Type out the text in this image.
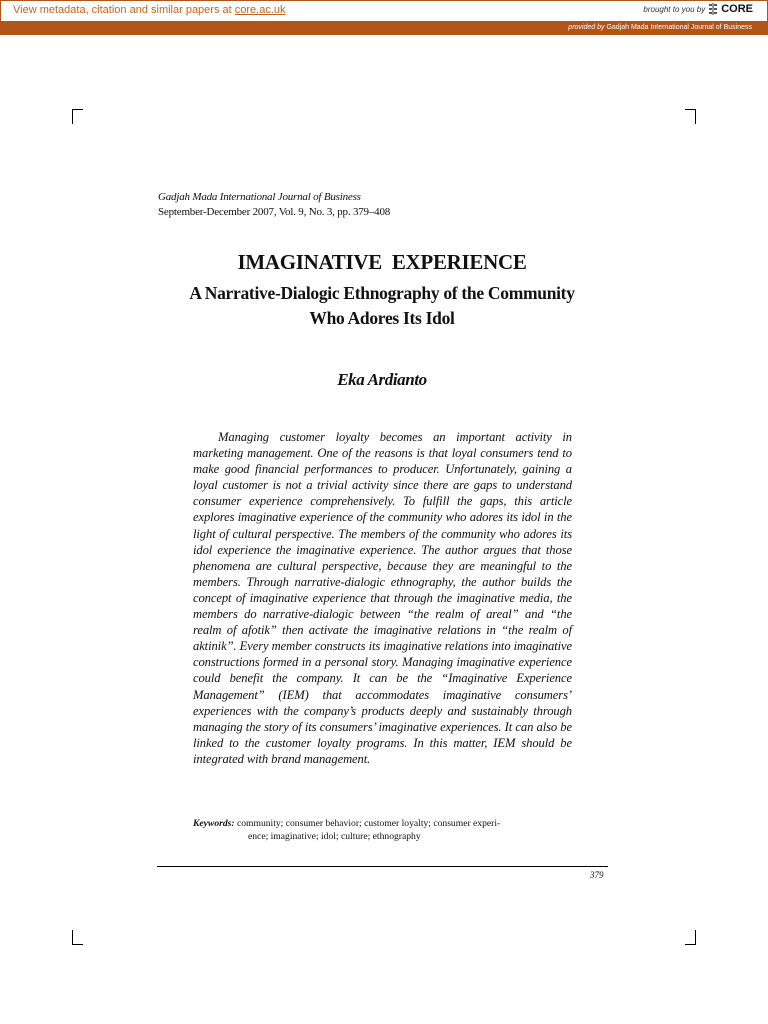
View metadata, citation and similar papers at core.ac.uk	brought to you by CORE
provided by Gadjah Mada International Journal of Business
Gadjah Mada International Journal of Business
September-December 2007, Vol. 9, No. 3, pp. 379–408
IMAGINATIVE  EXPERIENCE
A Narrative-Dialogic Ethnography of the Community
Who Adores Its Idol
Eka Ardianto

Managing customer loyalty becomes an important activity in marketing management. One of the reasons is that loyal consumers tend to make good financial performances to producer. Unfortunately, gaining a loyal customer is not a trivial activity since there are gaps to understand consumer experience comprehensively. To fulfill the gaps, this article explores imaginative experience of the community who adores its idol in the light of cultural perspective. The members of the community who adores its idol experience the imaginative experience. The author argues that those phenomena are cultural perspective, because they are meaningful to the members. Through narrative-dialogic ethnography, the author builds the concept of imaginative experience that through the imaginative media, the members do narrative-dialogic between “the realm of areal” and “the realm of afotik” then activate the imaginative relations in “the realm of aktinik”. Every member constructs its imaginative relations into imaginative constructions formed in a personal story. Managing imaginative experience could benefit the company. It can be the “Imaginative Experience Management” (IEM) that accommodates imaginative consumers’ experiences with the company’s products deeply and sustainably through managing the story of its consumers’ imaginative experiences. It can also be linked to the customer loyalty programs. In this matter, IEM should be integrated with brand management.

Keywords: community; consumer behavior; customer loyalty; consumer experi-
ence; imaginative; idol; culture; ethnography
379
